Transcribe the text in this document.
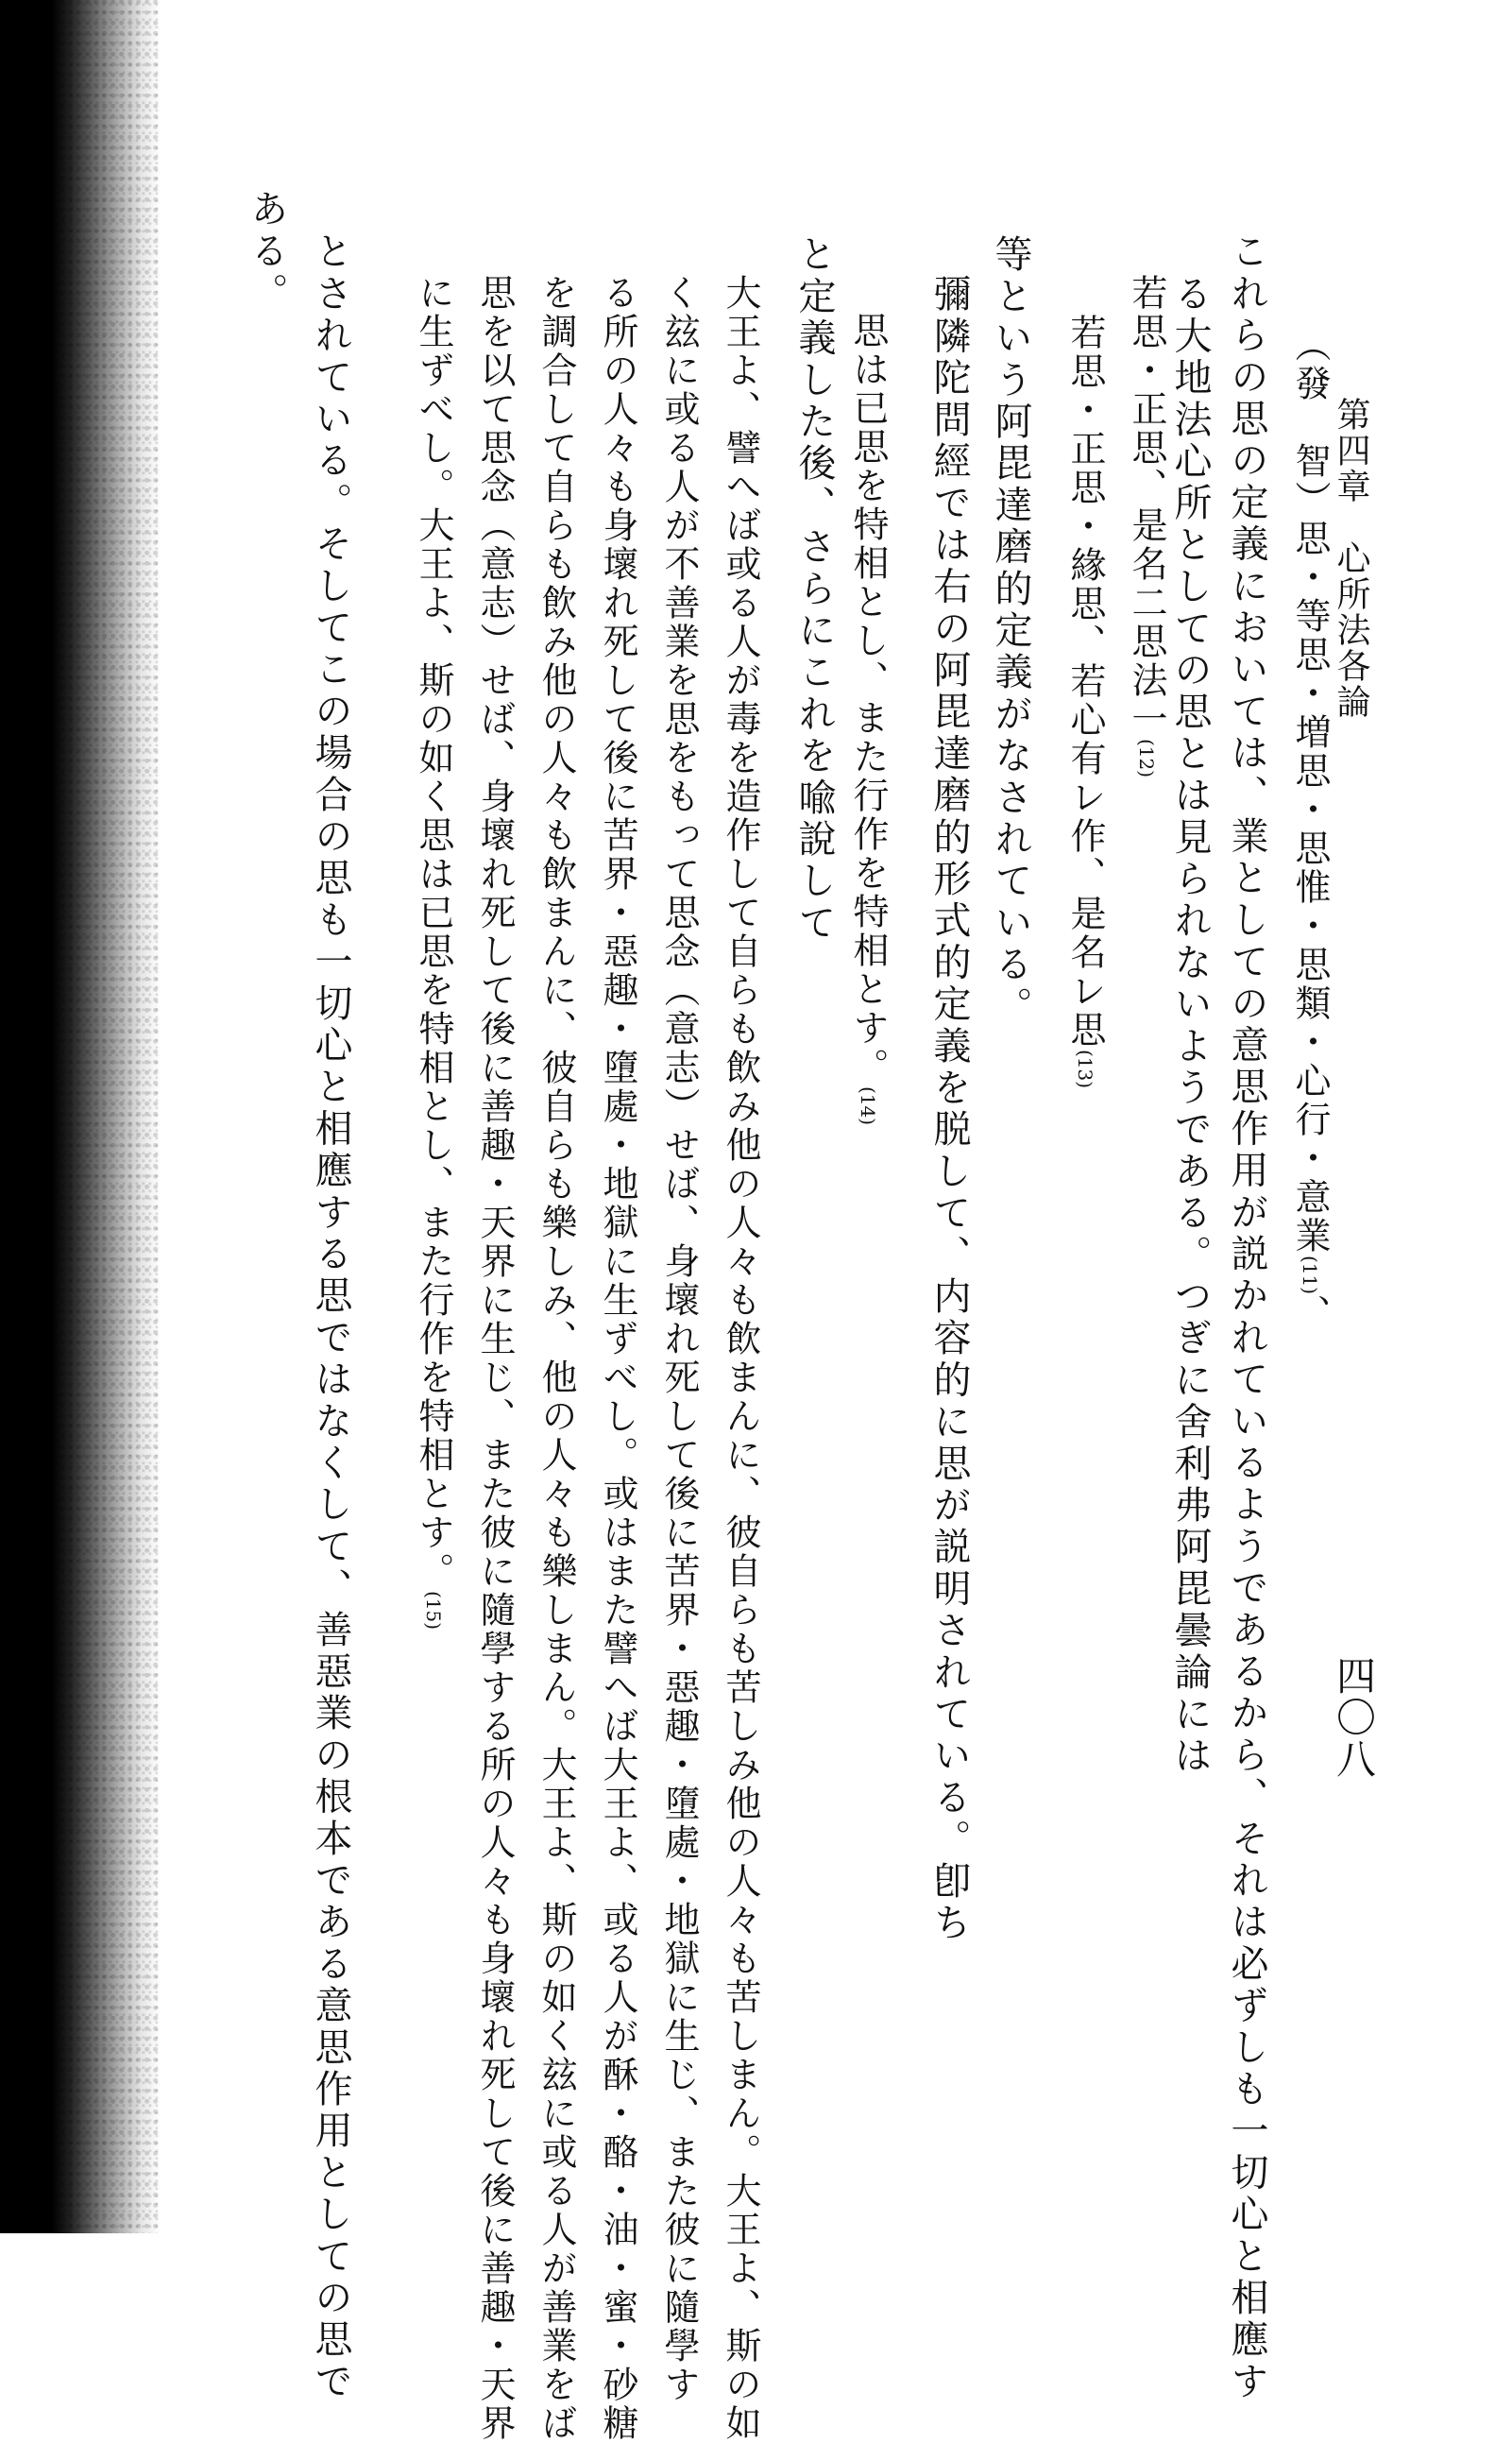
第四章　心所法各論
四〇八
これらの思の定義においては、業としての意思作用が説かれているようであるから、それは必ずしも一切心と相應す
る大地法心所としての思とは見られないようである。つぎに舍利弗阿毘曇論には （發　智）思・等思・増思・思惟・思類・心行・意業(11)、
若思・正思、是名二思法一(12)
若思・正思・緣思、若心有レ作、是名レ思(13)
等という阿毘達磨的定義がなされている。
彌隣陀問經では右の阿毘達磨的形式的定義を脱して、内容的に思が説明されている。卽ち
思は已思を特相とし、また行作を特相とす。(14)
と定義した後、さらにこれを喩說して
大王よ、譬へば或る人が毒を造作して自らも飲み他の人々も飲まんに、彼自らも苦しみ他の人々も苦しまん。大王よ、斯の如
く玆に或る人が不善業を思をもって思念（意志）せば、身壞れ死して後に苦界・惡趣・墮處・地獄に生じ、また彼に隨學す
る所の人々も身壞れ死して後に苦界・惡趣・墮處・地獄に生ずべし。或はまた譬へば大王よ、或る人が酥・酪・油・蜜・砂糖
を調合して自らも飲み他の人々も飲まんに、彼自らも樂しみ、他の人々も樂しまん。大王よ、斯の如く玆に或る人が善業をば
思を以て思念（意志）せば、身壞れ死して後に善趣・天界に生じ、また彼に隨學する所の人々も身壞れ死して後に善趣・天界
に生ずべし。大王よ、斯の如く思は已思を特相とし、また行作を特相とす。(15)
とされている。そしてこの場合の思も一切心と相應する思ではなくして、善惡業の根本である意思作用としての思で
ある。
